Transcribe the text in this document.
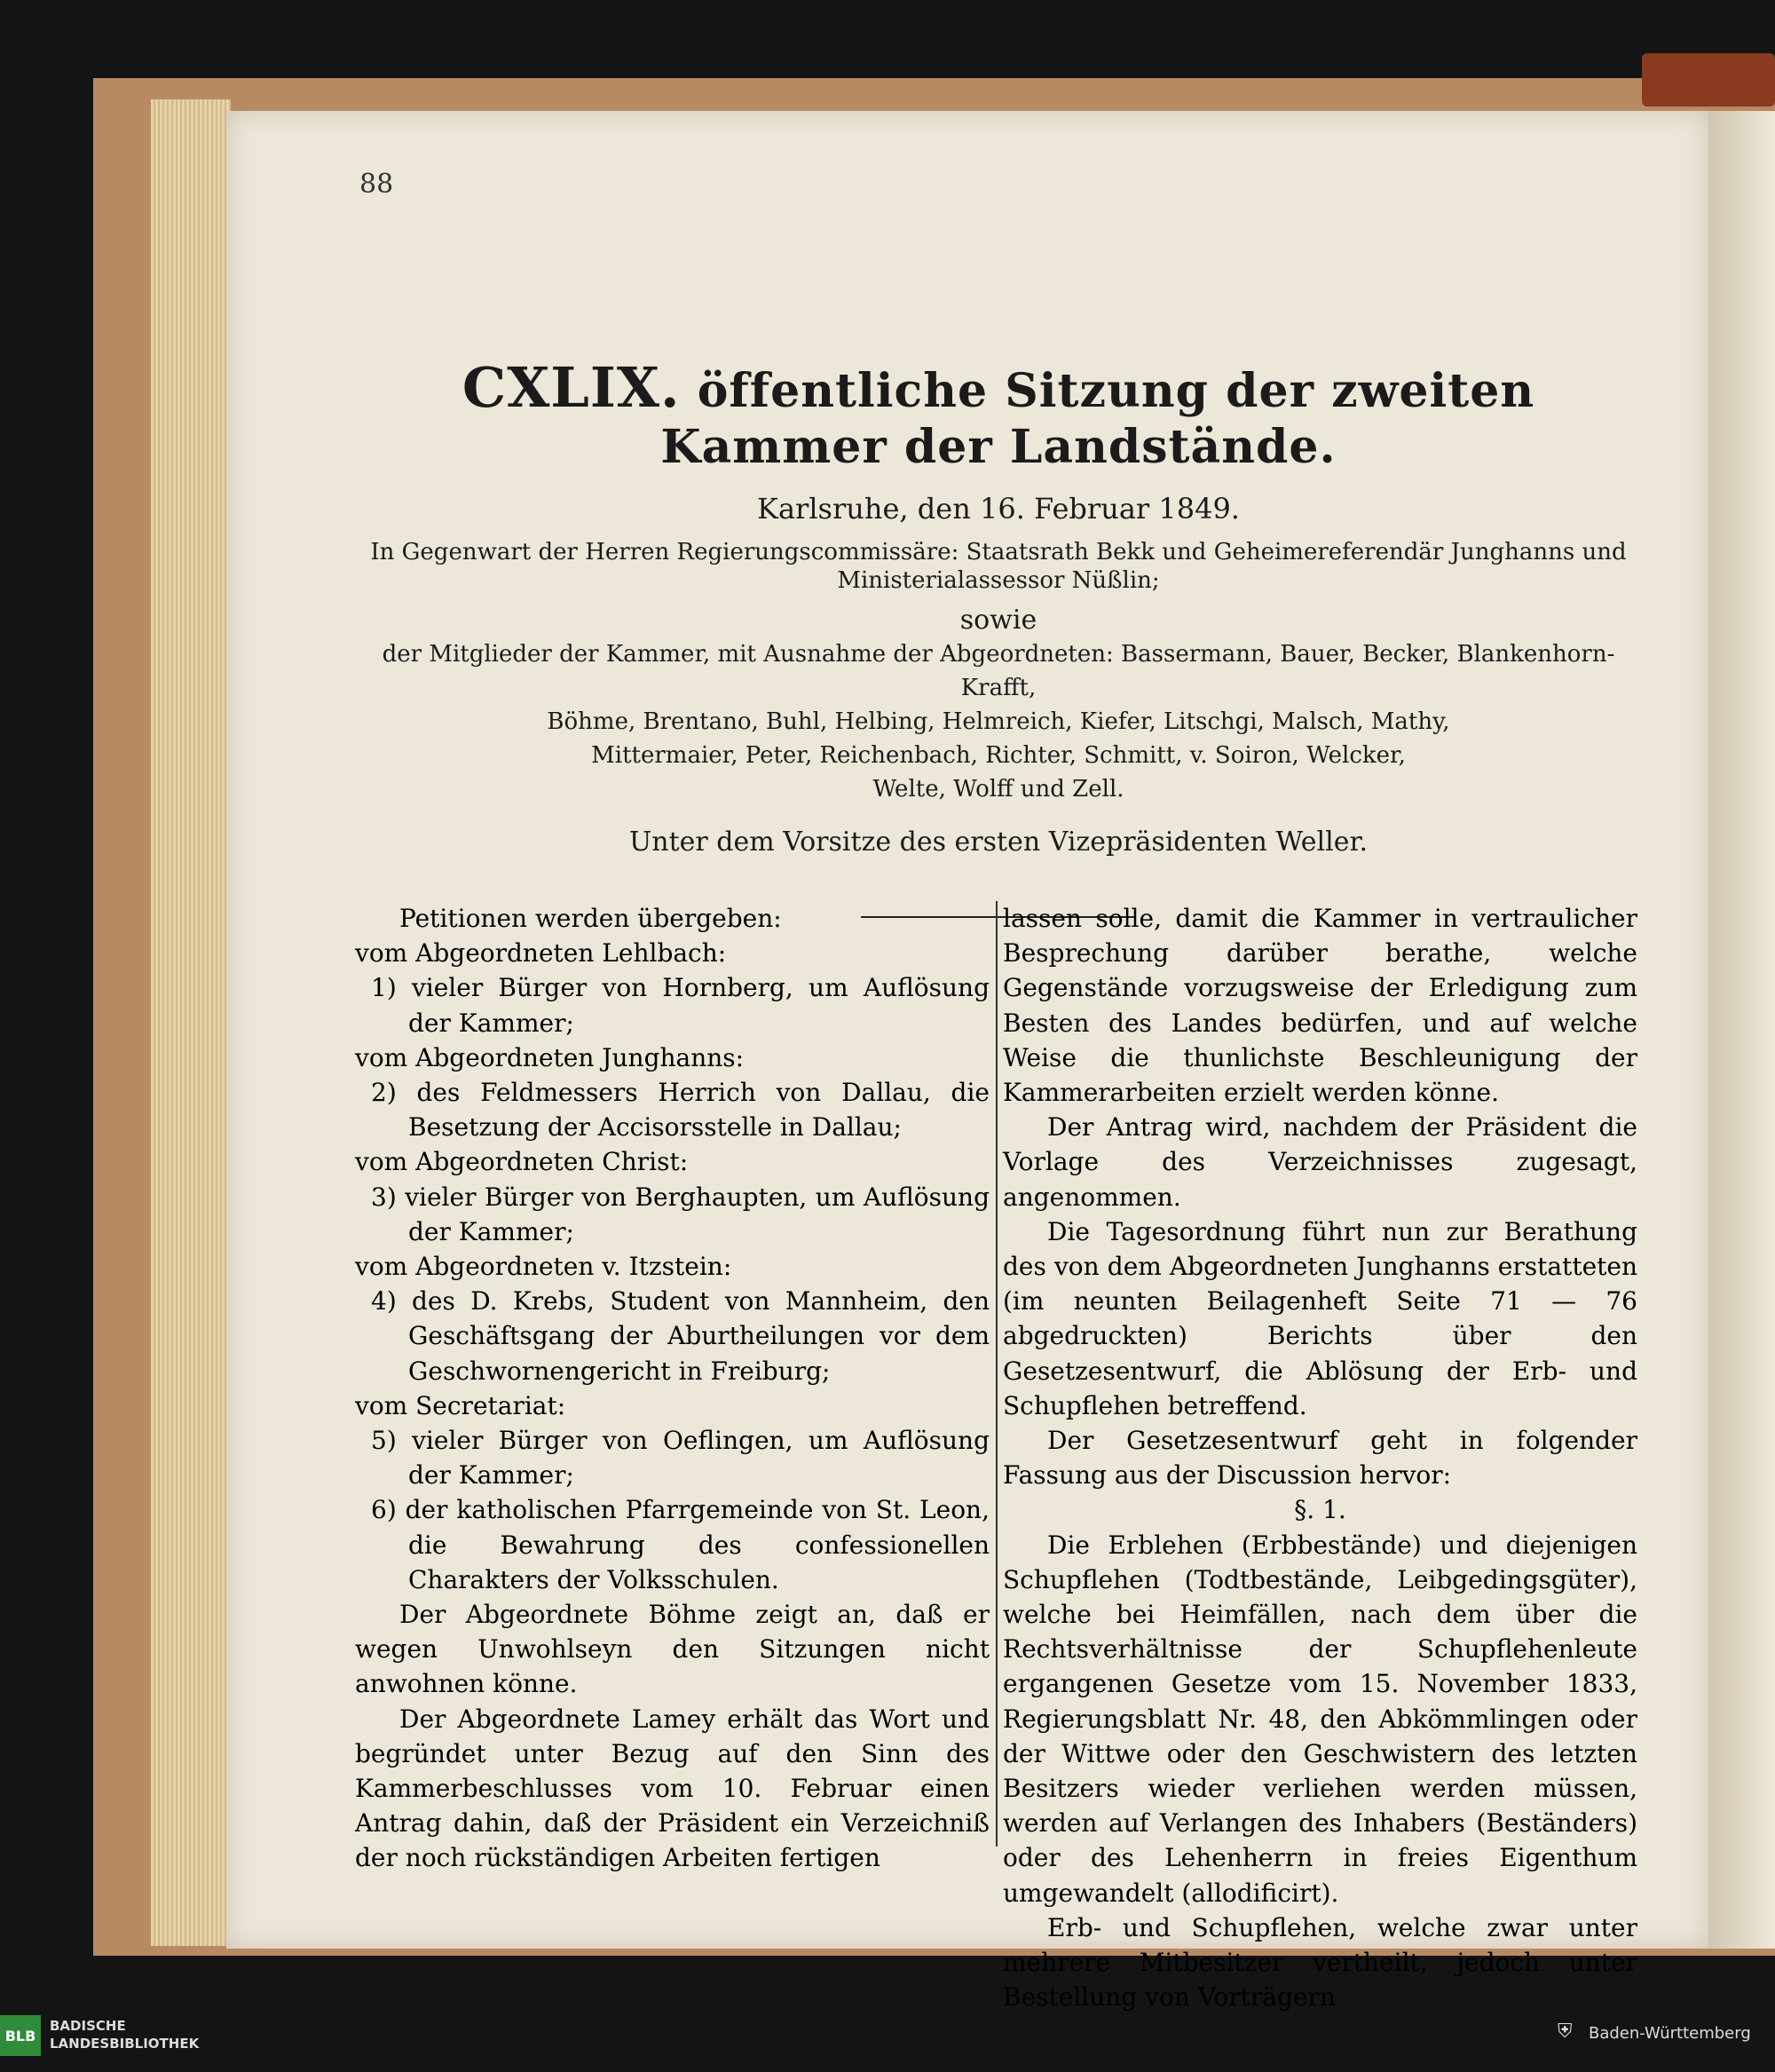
88
CXLIX. öffentliche Sitzung der zweiten Kammer der Landstände.
Karlsruhe, den 16. Februar 1849.
In Gegenwart der Herren Regierungscommissäre: Staatsrath Bekk und Geheimereferendär Junghanns und Ministerialassessor Nüßlin;
sowie
der Mitglieder der Kammer, mit Ausnahme der Abgeordneten: Bassermann, Bauer, Becker, Blankenhorn-Krafft,
Böhme, Brentano, Buhl, Helbing, Helmreich, Kiefer, Litschgi, Malsch, Mathy,
Mittermaier, Peter, Reichenbach, Richter, Schmitt, v. Soiron, Welcker,
Welte, Wolff und Zell.
Unter dem Vorsitze des ersten Vizepräsidenten Weller.

Petitionen werden übergeben:

vom Abgeordneten Lehlbach:

1) vieler Bürger von Hornberg, um Auflösung der Kammer;

vom Abgeordneten Junghanns:

2) des Feldmessers Herrich von Dallau, die Besetzung der Accisorsstelle in Dallau;

vom Abgeordneten Christ:

3) vieler Bürger von Berghaupten, um Auflösung der Kammer;

vom Abgeordneten v. Itzstein:

4) des D. Krebs, Student von Mannheim, den Geschäftsgang der Aburtheilungen vor dem Geschwornengericht in Freiburg;

vom Secretariat:

5) vieler Bürger von Oeflingen, um Auflösung der Kammer;

6) der katholischen Pfarrgemeinde von St. Leon, die Bewahrung des confessionellen Charakters der Volksschulen.

Der Abgeordnete Böhme zeigt an, daß er wegen Unwohlseyn den Sitzungen nicht anwohnen könne.

Der Abgeordnete Lamey erhält das Wort und begründet unter Bezug auf den Sinn des Kammerbeschlusses vom 10. Februar einen Antrag dahin, daß der Präsident ein Verzeichniß der noch rückständigen Arbeiten fertigen

lassen solle, damit die Kammer in vertraulicher Besprechung darüber berathe, welche Gegenstände vorzugsweise der Erledigung zum Besten des Landes bedürfen, und auf welche Weise die thunlichste Beschleunigung der Kammerarbeiten erzielt werden könne.

Der Antrag wird, nachdem der Präsident die Vorlage des Verzeichnisses zugesagt, angenommen.

Die Tagesordnung führt nun zur Berathung des von dem Abgeordneten Junghanns erstatteten (im neunten Beilagenheft Seite 71 — 76 abgedruckten) Berichts über den Gesetzesentwurf, die Ablösung der Erb- und Schupflehen betreffend.

Der Gesetzesentwurf geht in folgender Fassung aus der Discussion hervor:

§. 1.

Die Erblehen (Erbbestände) und diejenigen Schupflehen (Todtbestände, Leibgedingsgüter), welche bei Heimfällen, nach dem über die Rechtsverhältnisse der Schupflehenleute ergangenen Gesetze vom 15. November 1833, Regierungsblatt Nr. 48, den Abkömmlingen oder der Wittwe oder den Geschwistern des letzten Besitzers wieder verliehen werden müssen, werden auf Verlangen des Inhabers (Beständers) oder des Lehenherrn in freies Eigenthum umgewandelt (allodificirt).

Erb- und Schupflehen, welche zwar unter mehrere Mitbesitzer vertheilt, jedoch unter Bestellung von Vorträgern

BLB
BADISCHE
LANDESBIBLIOTHEK
⛨	Baden-Württemberg
